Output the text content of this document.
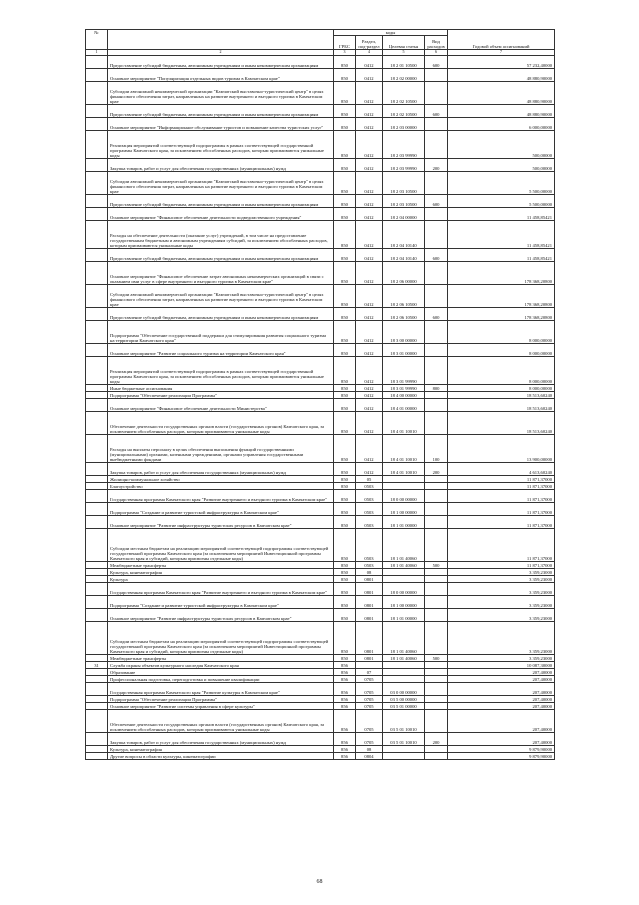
№		коды				Годовой объем ассигнований
		ГРБС	Раздел, под-раздел	Целевая статья	Вид расходов	
1	2	3	4	5	6	7
	Предоставление субсидий бюджетным, автономным учреждениям и иным некоммерческим организациям	850	0412	18 2 01 10500	600	57 232,40000
	Основное мероприятие "Популяризация отдельных видов туризма в Камчатском крае"	850	0412	18 2 02 00000		48 880,90000
	Субсидии автономной некоммерческой организации "Камчатский выставочно-туристический центр" в целях финансового обеспечения затрат, направленных на развитие внутреннего и въездного туризма в Камчатском крае	850	0412	18 2 02 10500		48 880,90000
	Предоставление субсидий бюджетным, автономным учреждениям и иным некоммерческим организациям	850	0412	18 2 02 10500	600	48 880,90000
	Основное мероприятие "Информационное обслуживание туристов и повышение качества туристских услуг"	850	0412	18 2 03 00000		6 000,00000
	Реализация мероприятий соответствующей подпрограммы в рамках соответствующей государственной программы Камчатского края, за исключением обособленных расходов, которым присваиваются уникальные коды	850	0412	18 2 03 99990		500,00000
	Закупка товаров, работ и услуг для обеспечения государственных (муниципальных) нужд	850	0412	18 2 03 99990	200	500,00000
	Субсидии автономной некоммерческой организации "Камчатский выставочно-туристический центр" в целях финансового обеспечения затрат, направленных на развитие внутреннего и въездного туризма в Камчатском крае	850	0412	18 2 03 10500		5 500,00000
	Предоставление субсидий бюджетным, автономным учреждениям и иным некоммерческим организациям	850	0412	18 2 03 10500	600	5 500,00000
	Основное мероприятие "Финансовое обеспечение деятельности подведомственного учреждения"	850	0412	18 2 04 00000		11 458,85421
	Расходы на обеспечение деятельности (оказание услуг) учреждений, в том числе на предоставление государственным бюджетным и автономным учреждениям субсидий, за исключением обособленных расходов, которым присваиваются уникальные коды	850	0412	18 2 04 10140		11 458,85421
	Предоставление субсидий бюджетным, автономным учреждениям и иным некоммерческим организациям	850	0412	18 2 04 10140	600	11 458,85421
	Основное мероприятие "Финансовое обеспечение затрат автономных некоммерческих организаций в связи с оказанием ими услуг в сфере внутреннего и въездного туризма в Камчатском крае"	850	0412	18 2 06 00000		178 368,20800
	Субсидии автономной некоммерческой организации "Камчатский выставочно-туристический центр" в целях финансового обеспечения затрат, направленных на развитие внутреннего и въездного туризма в Камчатском крае	850	0412	18 2 06 10500		178 368,20800
	Предоставление субсидий бюджетным, автономным учреждениям и иным некоммерческим организациям	850	0412	18 2 06 10500	600	178 368,20800
	Подпрограмма "Обеспечение государственной поддержки для стимулирования развития социального туризма на территории Камчатского края"	850	0412	18 3 00 00000		8 000,00000
	Основное мероприятие "Развитие социального туризма на территории Камчатского края"	850	0412	18 3 01 00000		8 000,00000
	Реализация мероприятий соответствующей подпрограммы в рамках соответствующей государственной программы Камчатского края, за исключением обособленных расходов, которым присваиваются уникальные коды	850	0412	18 3 01 99990		8 000,00000
	Иные бюджетные ассигнования	850	0412	18 3 01 99990	800	8 000,00000
	Подпрограмма "Обеспечение реализации Программы"	850	0412	18 4 00 00000		18 513,60240
	Основное мероприятие "Финансовое обеспечение деятельности Министерства"	850	0412	18 4 01 00000		18 513,60240
	Обеспечение деятельности государственных органов власти (государственных органов) Камчатского края, за исключением обособленных расходов, которым присваиваются уникальные коды	850	0412	18 4 01 10010		18 513,60240
	Расходы на выплаты персоналу в целях обеспечения выполнения функций государственными (муниципальными) органами, казенными учреждениями, органами управления государственными внебюджетными фондами	850	0412	18 4 01 10010	100	13 900,00000
	Закупка товаров, работ и услуг для обеспечения государственных (муниципальных) нужд	850	0412	18 4 01 10010	200	4 613,60240
	Жилищно-коммунальное хозяйство	850	05			11 871,37000
	Благоустройство	850	0503			11 871,37000
	Государственная программа Камчатского края "Развитие внутреннего и въездного туризма в Камчатском крае"	850	0503	18 0 00 00000		11 871,37000
	Подпрограмма "Создание и развитие туристской инфраструктуры в Камчатском крае"	850	0503	18 1 00 00000		11 871,37000
	Основное мероприятие "Развитие инфраструктуры туристских ресурсов в Камчатском крае"	850	0503	18 1 01 00000		11 871,37000
	Субсидии местным бюджетам на реализацию мероприятий соответствующей подпрограммы соответствующей государственной программы Камчатского края (за исключением мероприятий Инвестиционной программы Камчатского края и субсидий, которым присвоены отдельные коды)	850	0503	18 1 01 40060		11 871,37000
	Межбюджетные трансферты	850	0503	18 1 01 40060	500	11 871,37000
	Культура, кинематография	850	08			3 359,23000
	Культура	850	0801			3 359,23000
	Государственная программа Камчатского края "Развитие внутреннего и въездного туризма в Камчатском крае"	850	0801	18 0 00 00000		3 359,23000
	Подпрограмма "Создание и развитие туристской инфраструктуры в Камчатском крае"	850	0801	18 1 00 00000		3 359,23000
	Основное мероприятие "Развитие инфраструктуры туристских ресурсов в Камчатском крае"	850	0801	18 1 01 00000		3 359,23000
	Субсидии местным бюджетам на реализацию мероприятий соответствующей подпрограммы соответствующей государственной программы Камчатского края (за исключением мероприятий Инвестиционной программы Камчатского края и субсидий, которым присвоены отдельные коды)	850	0801	18 1 01 40060		3 359,23000
	Межбюджетные трансферты	850	0801	18 1 01 40060	500	3 359,23000
31	Служба охраны объектов культурного наследия Камчатского края	856				10 087,30000
	Образование	856	07			207,40000
	Профессиональная подготовка, переподготовка и повышение квалификации	856	0705			207,40000
	Государственная программа Камчатского края "Развитие культуры в Камчатском крае"	856	0705	03 0 00 00000		207,40000
	Подпрограмма "Обеспечение реализации Программы"	856	0705	03 5 00 00000		207,40000
	Основное мероприятие "Развитие системы управления в сфере культуры"	856	0705	03 5 01 00000		207,40000
	Обеспечение деятельности государственных органов власти (государственных органов) Камчатского края, за исключением обособленных расходов, которым присваиваются уникальные коды	856	0705	03 5 01 10010		207,40000
	Закупка товаров, работ и услуг для обеспечения государственных (муниципальных) нужд	856	0705	03 5 01 10010	200	207,40000
	Культура, кинематография	856	08			9 879,90000
	Другие вопросы в области культуры, кинематографии	856	0804			9 879,90000
68
